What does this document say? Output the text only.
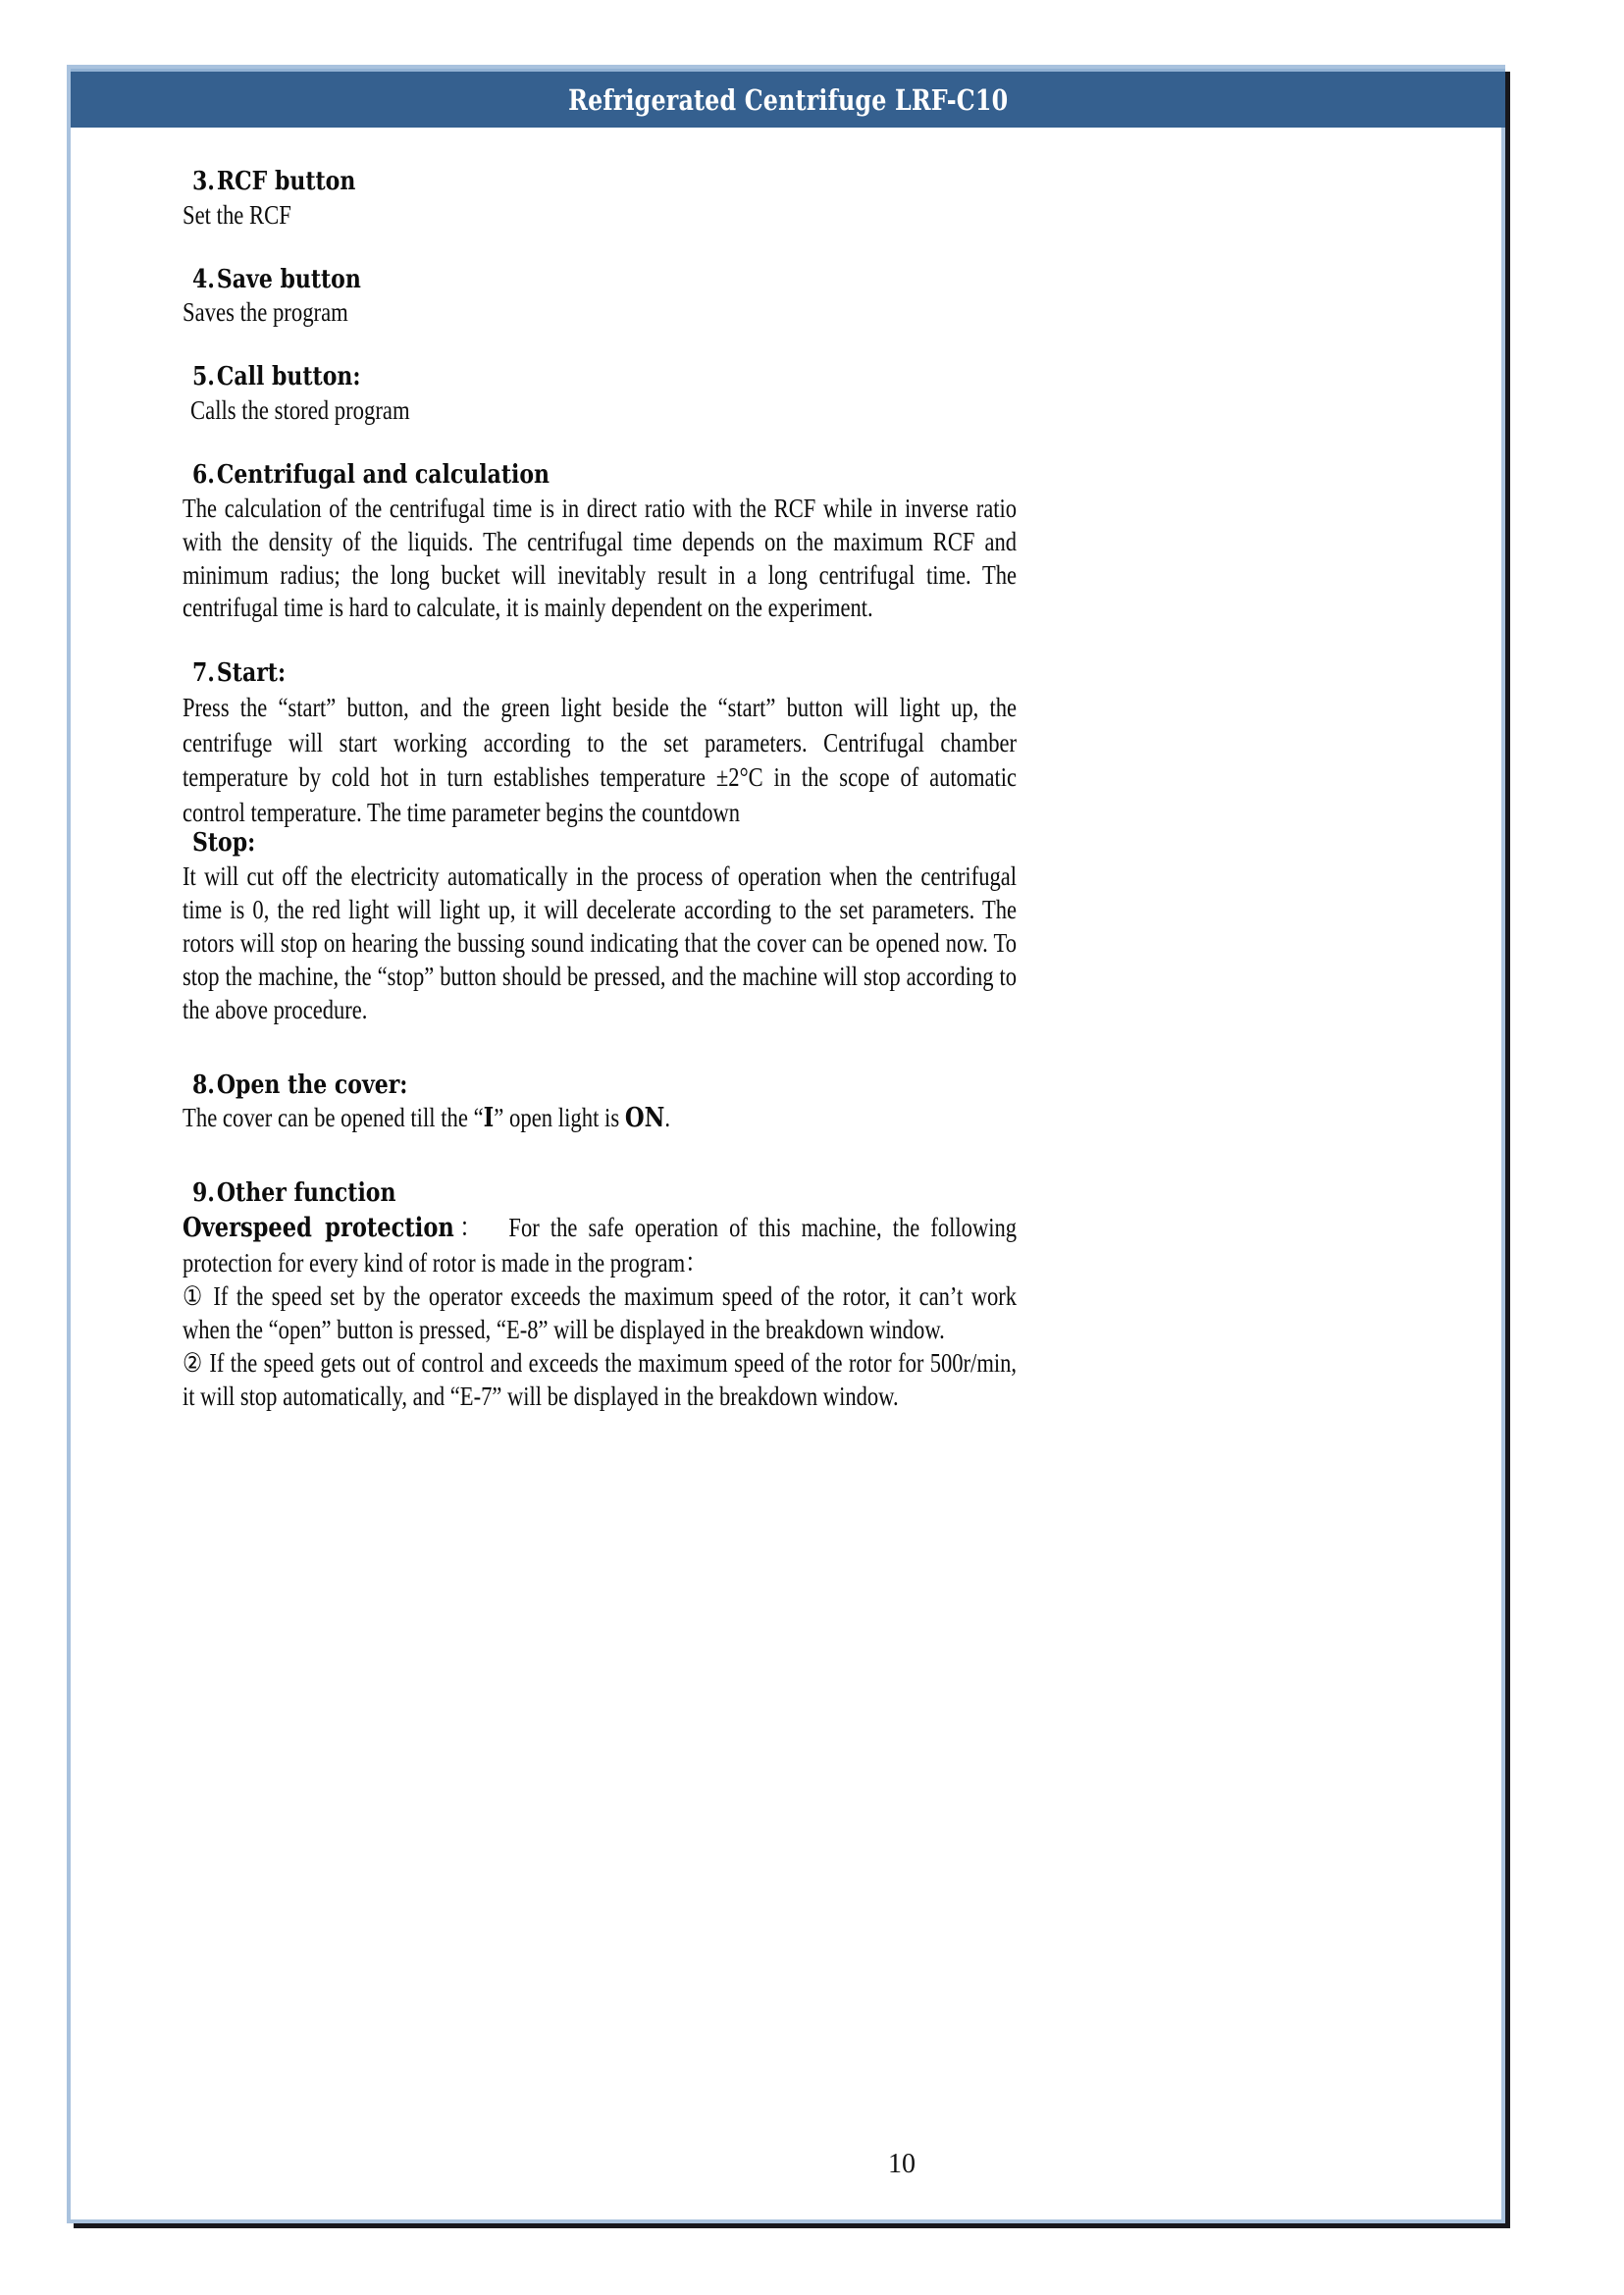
Refrigerated Centrifuge LRF-C10
3.RCF button

Set the RCF

4.Save button

Saves the program

5.Call button:

Calls the stored program

6.Centrifugal and calculation

The calculation of the centrifugal time is in direct ratio with the RCF while in inverse ratio with the density of the liquids. The centrifugal time depends on the maximum RCF and minimum radius; the long bucket will inevitably result in a long centrifugal time. The centrifugal time is hard to calculate, it is mainly dependent on the experiment.

7.Start:

Press the “start” button, and the green light beside the “start” button will light up, the centrifuge will start working according to the set parameters. Centrifugal chamber temperature by cold hot in turn establishes temperature ±2°C in the scope of automatic control temperature. The time parameter begins the countdown

Stop:

It will cut off the electricity automatically in the process of operation when the centrifugal time is 0, the red light will light up, it will decelerate according to the set parameters. The rotors will stop on hearing the bussing sound indicating that the cover can be opened now. To stop the machine, the “stop” button should be pressed, and the machine will stop according to the above procedure.

8.Open the cover:

The cover can be opened till the “I” open light is ON.

9.Other function

Overspeed protection： For the safe operation of this machine, the following protection for every kind of rotor is made in the program：

① If the speed set by the operator exceeds the maximum speed of the rotor, it can’t work when the “open” button is pressed, “E-8” will be displayed in the breakdown window.

② If the speed gets out of control and exceeds the maximum speed of the rotor for 500r/min, it will stop automatically, and “E-7” will be displayed in the breakdown window.

10
